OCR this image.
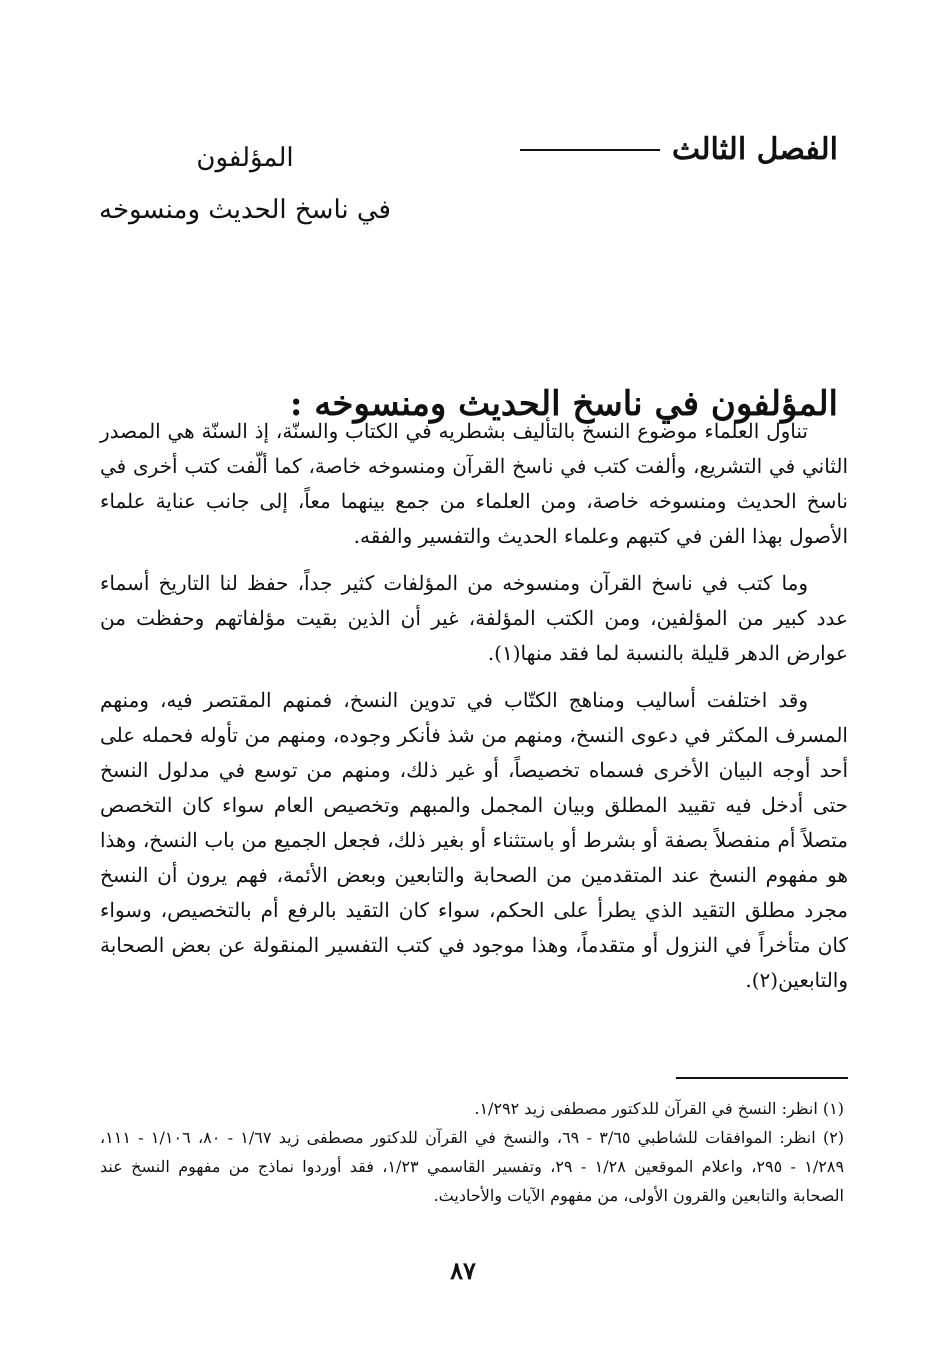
الفصل الثالث
المؤلفون
في ناسخ الحديث ومنسوخه
المؤلفون في ناسخ الحديث ومنسوخه :

تناول العلماء موضوع النسخ بالتأليف بشطريه في الكتاب والسنّة، إذ السنّة هي المصدر الثاني في التشريع، وألفت كتب في ناسخ القرآن ومنسوخه خاصة، كما ألّفت كتب أخرى في ناسخ الحديث ومنسوخه خاصة، ومن العلماء من جمع بينهما معاً، إلى جانب عناية علماء الأصول بهذا الفن في كتبهم وعلماء الحديث والتفسير والفقه.

وما كتب في ناسخ القرآن ومنسوخه من المؤلفات كثير جداً، حفظ لنا التاريخ أسماء عدد كبير من المؤلفين، ومن الكتب المؤلفة، غير أن الذين بقيت مؤلفاتهم وحفظت من عوارض الدهر قليلة بالنسبة لما فقد منها(١).

وقد اختلفت أساليب ومناهج الكتّاب في تدوين النسخ، فمنهم المقتصر فيه، ومنهم المسرف المكثر في دعوى النسخ، ومنهم من شذ فأنكر وجوده، ومنهم من تأوله فحمله على أحد أوجه البيان الأخرى فسماه تخصيصاً، أو غير ذلك، ومنهم من توسع في مدلول النسخ حتى أدخل فيه تقييد المطلق وبيان المجمل والمبهم وتخصيص العام سواء كان التخصص متصلاً أم منفصلاً بصفة أو بشرط أو باستثناء أو بغير ذلك، فجعل الجميع من باب النسخ، وهذا هو مفهوم النسخ عند المتقدمين من الصحابة والتابعين وبعض الأئمة، فهم يرون أن النسخ مجرد مطلق التقيد الذي يطرأ على الحكم، سواء كان التقيد بالرفع أم بالتخصيص، وسواء كان متأخراً في النزول أو متقدماً، وهذا موجود في كتب التفسير المنقولة عن بعض الصحابة والتابعين(٢).

(١) انظر: النسخ في القرآن للدكتور مصطفى زيد ١/٢٩٢.

(٢) انظر: الموافقات للشاطبي ٣/٦٥ - ٦٩، والنسخ في القرآن للدكتور مصطفى زيد ١/٦٧ - ٨٠، ١/١٠٦ - ١١١، ١/٢٨٩ - ٢٩٥، واعلام الموقعين ١/٢٨ - ٢٩، وتفسير القاسمي ١/٢٣، فقد أوردوا نماذج من مفهوم النسخ عند الصحابة والتابعين والقرون الأولى، من مفهوم الآيات والأحاديث.

٨٧
